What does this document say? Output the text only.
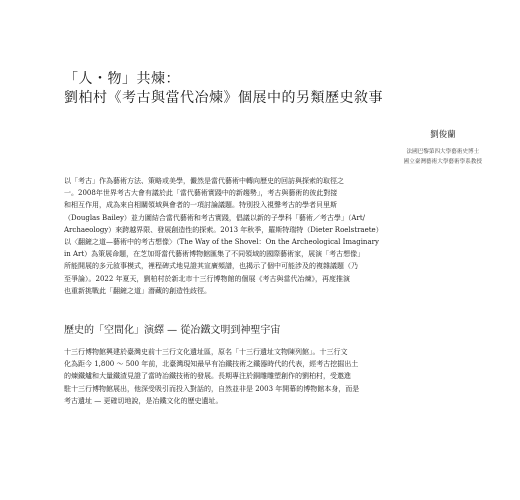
「人・物」共煉：
劉柏村《考古與當代冶煉》個展中的另類歷史敘事
劉俊蘭
法國巴黎第四大學藝術史博士
國立臺灣藝術大學藝術學系教授
以「考古」作為藝術方法、策略或美學，儼然是當代藝術中轉向歷史的回訪與探索的取徑之
一。2008年世界考古大會有議於此「當代藝術實踐中的新趨勢」，考古與藝術的彼此對接
和相互作用，成為來自相關領域與會者的一項討論議題。特別投入視聲考古的學者貝里斯
（Douglas Bailey）並力圖結合當代藝術和考古實踐，倡議以新的子學科「藝術／考古學」（Art/
Archaeology）來跨越界限、發展創造性的探索。2013 年秋季，羅斯特瑞特（Dieter Roelstraete）
以〈翻鏟之道—藝術中的考古想像〉（The Way of the Shovel：On the Archeological Imaginary
in Art）為策展命題，在芝加哥當代藝術博物館匯集了不同領域的國際藝術家，展演「考古想像」
所能開展的多元敘事模式，裡程碑式地見證其宣廣頻譜，也揭示了個中可能涉及的複雜議題（乃
至爭論）。2022 年夏天，劉柏村於新北市十三行博物館的個展《考古與當代冶煉》，再度推演
也重新挑戰此「翻鏟之道」潛藏的創造性歧徑。
歷史的「空間化」演繹 — 從冶鐵文明到神聖宇宙
十三行博物館興建於臺灣史前十三行文化遺址區，原名「十三行遺址文物陳列館」。十三行文
化為距今 1,800 ～ 500 年前，北臺灣現知最早有冶鐵技術之鐵器時代的代表，經考古挖掘出土
的煉鐵爐和大量鐵渣見證了當時冶鐵技術的發展。長期專注於銅雕雕塑創作的劉柏村，受邀進
駐十三行博物館展出，他深受吸引而投入對話的，自然並非是 2003 年開幕的博物館本身，而是
考古遺址 — 更確切地說，是冶鐵文化的歷史遺址。
